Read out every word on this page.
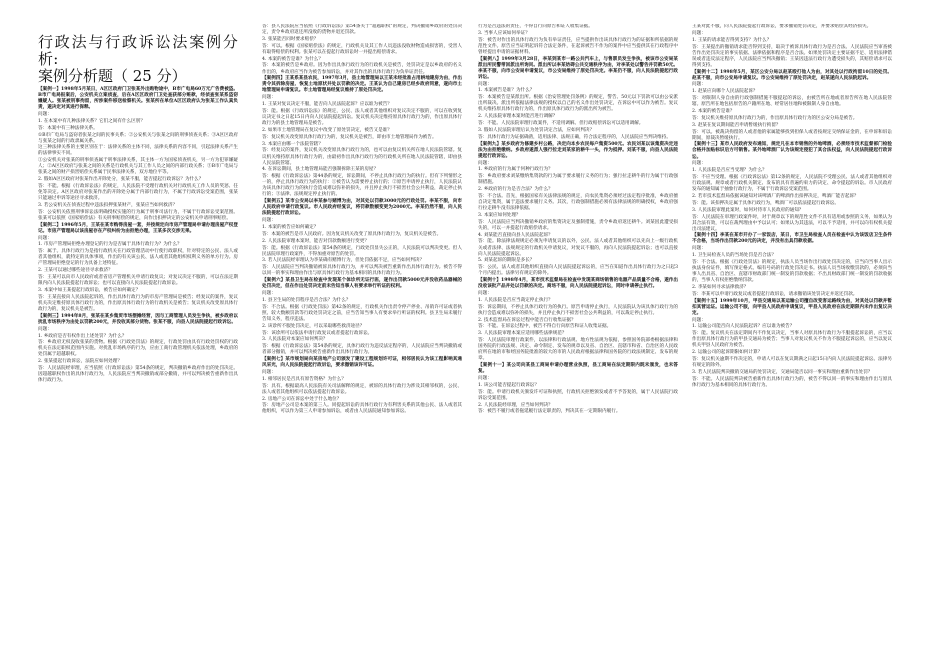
行政法与行政诉讼法案例分析:
案例分析题（ 25 分）

【案例一】1998年5月某日，A区区政府门卫张某外出购物途中，B市广电局60万元广告费被盗。B市广电局报案后，公安机关立案侦查，后在A区区政府门卫处查获部分赃款，经侦查张某系盗窃嫌疑人。张某被刑事拘留，所涉案件移送检察机关。张某所在单位A区区政府认为张某工作认真负责，遂决定对其进行保释。

问题：

1. 在本案中有几种法律关系？它们之间有什么区别？

答：本案中有三种法律关系。

①B市广电局与盗窃者张某之间的民事关系；②公安机关与张某之间的刑事侦查关系；③A区区政府与张某之间的行政隶属关系。

这三种法律关系的主要区别在于：法律关系的主体不同，法律关系的内容不同，引起法律关系产生的法律事实不同。

①公安机关对张某的刑事侦查属于刑事法律关系，其主体一方为国家侦查机关，另一方为犯罪嫌疑人；②A区区政府与张某之间的关系是行政机关与其工作人员之间的内部行政关系；③B市广电局与张某之间的财产损害赔偿关系属于民事法律关系，双方地位平等。

2. 假如A区区政府对张某作出开除处分，张某不服，能否提起行政诉讼？为什么？

答：不能。根据《行政诉讼法》的规定，人民法院不受理行政机关对行政机关工作人员的奖惩、任免等决定。A区区政府对张某作出的开除处分属于内部行政行为，不属于行政诉讼受案范围，张某只能通过申诉等途径寻求救济。

3. 若公安机关在侦查过程中违法扣押张某财产，张某应当如何救济？

答：公安机关依照刑事诉讼法明确授权实施的行为属于刑事司法行为，不属于行政诉讼受案范围。张某可以依照《国家赔偿法》有关刑事赔偿的规定，向作出扣押决定的公安机关申请刑事赔偿。

【案例二】1996年5月，王某在某市购得房屋一套，并按规定向市房产管理局申请办理房屋产权登记。市房产管理局以该房屋存在产权纠纷为由拒绝办理，王某多次交涉无果。

问题：

1. 市房产管理局拒绝办理登记的行为是否属于具体行政行为？为什么？

答：属于。具体行政行为是指行政机关在行政管理活动中行使行政职权，针对特定的公民、法人或者其他组织，就特定的具体事项，作出的有关该公民、法人或者其他组织权利义务的单方行为。房产管理局拒绝登记的行为具备上述特征。

2. 王某可以通过哪些途径寻求救济？

答：王某可以向市人民政府或者省房产管理机关申请行政复议；对复议决定不服的，可以在法定期限内向人民法院提起行政诉讼；也可以直接向人民法院提起行政诉讼。

3. 本案中如王某提起行政诉讼，被告应如何确定？

答：王某直接向人民法院起诉的，作出具体行政行为的市房产管理局是被告；经复议的案件，复议机关决定维持原具体行政行为的，作出原具体行政行为的行政机关是被告；复议机关改变原具体行政行为的，复议机关是被告。

【案例三】1994年8月，张某在某乡集贸市场摆摊经营，因与工商管理人员发生争执，被乡政府以扰乱市场秩序为由处以罚款200元，并没收其部分货物。张某不服，向县人民法院提起行政诉讼。

问题：

1. 乡政府是否有权作出上述处罚？为什么？

答：乡政府无权没收张某的货物。根据《行政处罚法》的规定，行政处罚由具有行政处罚权的行政机关在法定职权范围内实施。对扰乱市场秩序的行为，应由工商行政管理机关依法处理，乡政府的处罚属于超越职权。

2. 张某提起行政诉讼，法院应如何处理？

答：人民法院经审理，应当依照《行政诉讼法》第54条的规定，判决撤销乡政府作出的处罚决定。因超越职权作出的具体行政行为，人民法院应当判决撤销或部分撤销，并可以判决被告重新作出具体行政行为。

答：县人民法院应当依照《行政诉讼法》第54条关于"超越职权"的规定，判决撤销乡政府的处罚决定，责令乡政府返还所没收的货物并退还罚款。

3. 张某能否同时要求赔偿？

答：可以。根据《国家赔偿法》的规定，行政机关及其工作人员违法没收财物造成损害的，受害人有取得赔偿的权利。张某可以在提起行政诉讼时一并提出赔偿请求。

4. 本案的被告是谁？为什么？

答：本案的被告是乡政府。因为作出具体行政行为的行政机关是被告，处罚决定是以乡政府的名义作出的，乡政府应当作为被告参加诉讼，并对其作出的具体行政行为负举证责任。

【案例四】王某系某县农民，1997年3月，县土地管理局以王某未经批准占用耕地建房为由，作出责令其拆除房屋、恢复土地原状并处以罚款的决定。王某认为自己建房已经乡政府同意，遂向市土地管理局申请复议。市土地管理局经复议维持了原处罚决定。

问题：

1. 王某对复议决定不服，能否向人民法院起诉？应以谁为被告？

答：能。根据《行政诉讼法》的规定，公民、法人或者其他组织对复议决定不服的，可以在收到复议决定书之日起15日内向人民法院提起诉讼。复议机关决定维持原具体行政行为的，作出原具体行政行为的县土地管理局是被告。

2. 如果市土地管理局在复议中改变了原处罚决定，被告又是谁？

答：复议机关改变原具体行政行为的，复议机关是被告，即由市土地管理局作为被告。

3. 本案应由哪一个法院管辖？

答：经复议的案件，复议机关改变原具体行政行为的，也可以由复议机关所在地人民法院管辖。复议机关维持原具体行政行为的，由最初作出具体行政行为的行政机关所在地人民法院管辖，即由县人民法院管辖。

4. 在诉讼期间，县土地管理局能否强制拆除王某的房屋？

答：根据《行政诉讼法》第44条的规定，诉讼期间，不停止具体行政行为的执行。但有下列情形之一的，停止具体行政行为的执行：①被告认为需要停止执行的；②原告申请停止执行，人民法院认为该具体行政行为的执行会造成难以弥补的损失，并且停止执行不损害社会公共利益，裁定停止执行的；③法律、法规规定停止执行的。

【案例五】某市公安局以李某参与赌博为由，对其处以罚款3000元的行政处罚。李某不服，向市人民政府申请行政复议。市人民政府经复议，将罚款数额变更为2000元。李某仍然不服，向人民法院提起行政诉讼。

问题：

1. 本案的被告应如何确定？

答：本案的被告是市人民政府。因为复议机关改变了原具体行政行为，复议机关是被告。

2. 人民法院审理本案时，能否对罚款数额进行变更？

答：能。根据《行政诉讼法》第54条的规定，行政处罚显失公正的，人民法院可以判决变更。但人民法院审理行政案件，不得加重对原告的处罚。

3. 若人民法院经审理认为李某确有赌博行为，但处罚依据不足，应当如何判决？

答：人民法院应当判决撤销被诉具体行政行为，并可以判决被告重新作出具体行政行为。被告不得以同一的事实和理由作出与原具体行政行为基本相同的具体行政行为。

【案例六】某县卫生局在检查中发现某个体诊所无证行医，遂作出罚款5000元并没收药品器械的处罚决定，但在作出处罚决定前未告知当事人有要求举行听证的权利。

问题：

1. 县卫生局的处罚程序是否合法？为什么？

答：不合法。根据《行政处罚法》第42条的规定，行政机关作出责令停产停业、吊销许可证或者执照、较大数额罚款等行政处罚决定之前，应当告知当事人有要求举行听证的权利。县卫生局未履行告知义务，程序违法。

2. 该诊所不服处罚决定，可以采取哪些救济途径？

答：该诊所可以依法申请行政复议或者提起行政诉讼。

3. 人民法院对本案应如何判决？

答：根据《行政诉讼法》第54条的规定，具体行政行为违反法定程序的，人民法院应当判决撤销或者部分撤销，并可以判决被告重新作出具体行政行为。

【案例七】某市规划局向某房地产公司颁发了建设工程规划许可证，相邻居民认为该工程影响其通风采光，向人民法院提起行政诉讼，要求撤销该许可证。

问题：

1. 相邻居民是否具有原告资格？为什么？

答：具有。根据最高人民法院有关司法解释的规定，被诉的具体行政行为涉及其相邻权的，公民、法人或者其他组织可以依法提起行政诉讼。

2. 房地产公司在诉讼中处于什么地位？

答：房地产公司是本案的第三人。同提起诉讼的具体行政行为有利害关系的其他公民、法人或者其他组织，可以作为第三人申请参加诉讼，或者由人民法院通知参加诉讼。

行为是否违法的责任，不得自行向原告和证人收集证据。

3. 当事人应该如何举证？

答：被告对作出的具体行政行为负有举证责任，应当提供作出该具体行政行为的证据和所依据的规范性文件。原告应当证明起诉符合法定条件，在起诉被告不作为的案件中应当提供其在行政程序中曾经提出申请的证据材料。

【案例八】1999年3月28日，李某到某市一路公共汽车上，与售票员发生争执，被该市公安局某派出所民警带回派出所询问。派出所以李某妨碍公共交通秩序为由，对李某处以警告并罚款50元。李某不服，向市公安局申请复议，市公安局维持了原处罚决定。李某仍不服，向人民法院提起行政诉讼。

问题：

1. 本案被告是谁？为什么？

答：本案被告是某派出所。根据《治安管理处罚条例》的规定，警告、50元以下罚款可以由公安派出所裁决。派出所依据法律法规的授权以自己的名义作出处罚决定，在诉讼中可以作为被告。复议机关维持原具体行政行为的，作出原具体行政行为的派出所为被告。

2. 人民法院审理本案时能否进行调解？

答：不能。人民法院审理行政案件，不适用调解。但行政赔偿诉讼可以适用调解。

3. 假如人民法院审理后认为处罚决定合法，应如何判决？

答：具体行政行为证据确凿，适用法律、法规正确，符合法定程序的，人民法院应当判决维持。

【案例九】某乡政府为修建乡村公路，决定向本乡农民每户集资500元。农民刘某以该集资决定违法为由拒绝缴纳。乡政府遂派人强行拉走刘某家的耕牛一头，作为抵押。刘某不服，向县人民法院提起行政诉讼。

问题：

1. 乡政府的行为属于何种行政行为？

答：乡政府要求刘某缴纳集资款的行为属于要求履行义务的行为；强行拉走耕牛的行为属于行政强制措施。

2. 乡政府的行为是否合法？为什么？

答：不合法。首先，根据国家有关法律法规的规定，向农民集资必须经过法定程序批准，乡政府擅自决定集资，属于违法要求履行义务。其次，行政强制措施必须有法律法规的明确授权，乡政府强行拉走耕牛没有法律依据。

3. 本案应如何处理？

答：人民法院应当判决撤销乡政府的集资决定及强制措施，责令乡政府返还耕牛。刘某因此遭受损失的，可以一并提起行政赔偿请求。

4. 刘某能否直接向县人民法院起诉？

答：能。除法律法规规定必须先申请复议的以外，公民、法人或者其他组织可以先向上一级行政机关或者法律、法规规定的行政机关申请复议，对复议不服的，再向人民法院提起诉讼；也可以直接向人民法院提起诉讼。

5. 刘某起诉的期限是多长？

答：公民、法人或者其他组织直接向人民法院提起诉讼的，应当在知道作出具体行政行为之日起3个月内提出。法律另有规定的除外。

【案例十】1998年4月，某市技术监督局在检查中发现某商场销售的电器产品质量不合格，遂作出没收该批产品并处以罚款的决定。商场不服，向人民法院提起诉讼，同时申请停止执行。

问题：

1. 人民法院是否应当裁定停止执行？

答：诉讼期间，不停止具体行政行为的执行。原告申请停止执行，人民法院认为该具体行政行为的执行会造成难以弥补的损失，并且停止执行不损害社会公共利益的，可以裁定停止执行。

2. 技术监督局在诉讼过程中能否自行收集证据？

答：不能。在诉讼过程中，被告不得自行向原告和证人收集证据。

3. 人民法院审理本案应适用哪些法律规范？

答：人民法院审理行政案件，以法律和行政法规、地方性法规为依据，参照国务院部委根据法律和国务院的行政法规、决定、命令制定、发布的规章以及省、自治区、直辖市和省、自治区的人民政府所在地的市和经国务院批准的较大的市的人民政府根据法律和国务院的行政法规制定、发布的规章。

【案例十一】某公司向某县工商局申请办理营业执照，县工商局在法定期限内既未颁发，也未答复。

问题：

1. 该公司能否提起行政诉讼？

答：能。申请行政机关颁发许可证和执照，行政机关拒绝颁发或者不予答复的，属于人民法院行政诉讼受案范围。

2. 人民法院经审理，应当如何判决？

答：被告不履行或者拖延履行法定职责的，判决其在一定期限内履行。

王某对此不服，向人民法院提起行政诉讼，要求撤销处罚决定，并要求赔偿其经济损失。

问题：

1. 王某的请求能否得到支持？为什么？

答：王某提出的撤销请求能否得到支持，取决于被诉具体行政行为是否合法。人民法院应当审查被告作出处罚决定的事实依据、法律依据和程序是否合法。如果处罚决定主要证据不足、适用法律错误或者违反法定程序，人民法院应当判决撤销；王某因违法行政行为遭受损失的，其赔偿请求可以得到支持。

【案例十二】1998年5月，某区公安分局以赵某殴打他人为由，对其处以行政拘留10日的处罚。赵某不服，向市公安局申请复议。市公安局维持了原处罚决定，赵某遂向人民法院起诉。

问题：

1. 赵某应向哪个人民法院起诉？

答：对限制人身自由的行政强制措施不服提起的诉讼，由被告所在地或者原告所在地人民法院管辖。原告所在地包括原告的户籍所在地、经常居住地和被限制人身自由地。

2. 本案的被告是谁？

答：复议机关维持原具体行政行为的，作出原具体行政行为的区公安分局是被告。

3. 赵某在复议期间能否申请暂缓执行拘留？

答：可以。被裁决拘留的人或者他的家属能够找到担保人或者按规定交纳保证金的，在申诉和诉讼期间，原裁决暂缓执行。

【案例十三】某市人民政府发布通知，规定凡在本市销售的外地啤酒，必须经市技术监督部门检验合格并加贴标识后方可销售。某外地啤酒厂认为该规定侵犯了其合法权益，向人民法院提起行政诉讼。

问题：

1. 人民法院是否应当受理？为什么？

答：不应当受理。根据《行政诉讼法》第12条的规定，人民法院不受理公民、法人或者其他组织对行政法规、规章或者行政机关制定、发布的具有普遍约束力的决定、命令提起的诉讼。市人民政府发布的通知属于抽象行政行为，不属于行政诉讼受案范围。

2. 若市技术监督局依据该通知对该啤酒厂的啤酒作出扣押决定，啤酒厂能否起诉？

答：能。该扣押决定属于具体行政行为，啤酒厂可以依法提起行政诉讼。

3. 人民法院审理此案时，如何对待市人民政府的通知？

答：人民法院在审理行政案件时，对于规章以下的规范性文件不具有适用或参照的义务，如果认为其合法有效，可以在裁判理由中予以认可；如果认为其违法，可以不予适用，并可以向有权机关提出司法建议。

【案例十四】李某在某市开办了一家饭店，某日，市卫生局检查人员在检查中认为该饭店卫生条件不合格，当场作出罚款200元的决定，并没有出具罚款收据。

问题：

1. 卫生局检查人员的当场处罚是否合法？

答：不合法。根据《行政处罚法》的规定，执法人员当场作出行政处罚决定的，应当向当事人出示执法身份证件，填写预定格式、编有号码的行政处罚决定书。执法人员当场收缴罚款的，必须向当事人出具省、自治区、直辖市财政部门统一制发的罚款收据；不出具财政部门统一制发的罚款收据的，当事人有权拒绝缴纳罚款。

2. 李某如何寻求法律救济？

答：李某可以申请行政复议或者提起行政诉讼，请求撤销该处罚决定并返还罚款。

【案例十五】1999年10月，甲县交通局以某运输公司擅自改变客运路线为由，对其处以罚款并暂扣其营运证。运输公司不服，向甲县人民政府申请复议，甲县人民政府在法定期限内未作出复议决定。

问题：

1. 运输公司能否向人民法院起诉？应以谁为被告？

答：能。复议机关在法定期间内不作复议决定，当事人对原具体行政行为不服提起诉讼的，应当以作出原具体行政行为的甲县交通局为被告；当事人对复议机关不作为不服提起诉讼的，应当以复议机关甲县人民政府为被告。

2. 运输公司的起诉期限如何计算？

答：复议机关逾期不作决定的，申请人可以在复议期满之日起15日内向人民法院提起诉讼。法律另有规定的除外。

3. 若人民法院判决撤销交通局的处罚决定，交通局能否以同一事实和理由重新作出处罚？

答：不能。人民法院判决被告重新作出具体行政行为的，被告不得以同一的事实和理由作出与原具体行政行为基本相同的具体行政行为。
